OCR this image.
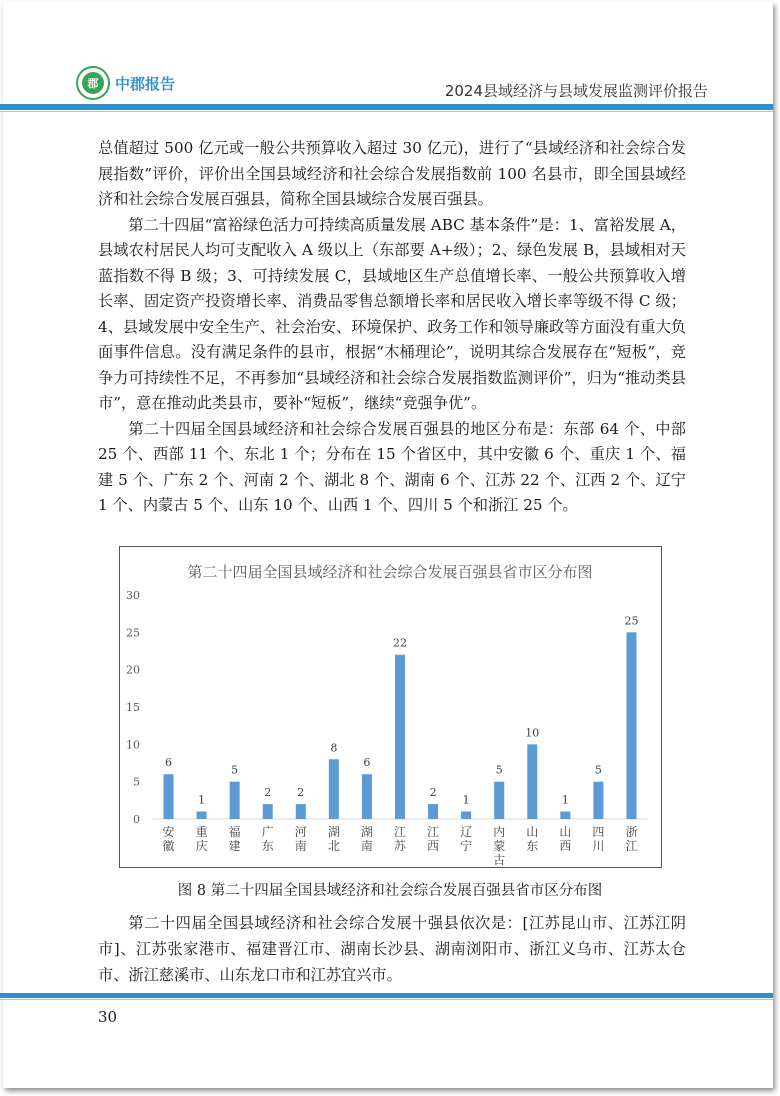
郡	中郡报告	2024县域经济与县域发展监测评价报告

总值超过 500 亿元或一般公共预算收入超过 30 亿元)，进行了“县域经济和社会综合发展指数”评价，评价出全国县域经济和社会综合发展指数前 100 名县市，即全国县域经济和社会综合发展百强县，简称全国县域综合发展百强县。

第二十四届“富裕绿色活力可持续高质量发展 ABC 基本条件”是：1、富裕发展 A，县域农村居民人均可支配收入 A 级以上（东部要 A+级）；2、绿色发展 B，县域相对天蓝指数不得 B 级；3、可持续发展 C，县域地区生产总值增长率、一般公共预算收入增长率、固定资产投资增长率、消费品零售总额增长率和居民收入增长率等级不得 C 级；4、县域发展中安全生产、社会治安、环境保护、政务工作和领导廉政等方面没有重大负面事件信息。没有满足条件的县市，根据“木桶理论”，说明其综合发展存在“短板”，竞争力可持续性不足，不再参加“县域经济和社会综合发展指数监测评价”，归为“推动类县市”，意在推动此类县市，要补“短板”，继续“竞强争优”。

第二十四届全国县域经济和社会综合发展百强县的地区分布是：东部 64 个、中部 25 个、西部 11 个、东北 1 个；分布在 15 个省区中，其中安徽 6 个、重庆 1 个、福建 5 个、广东 2 个、河南 2 个、湖北 8 个、湖南 6 个、江苏 22 个、江西 2 个、辽宁 1 个、内蒙古 5 个、山东 10 个、山西 1 个、四川 5 个和浙江 25 个。

第二十四届全国县域经济和社会综合发展百强县省市区分布图
0
5
10
15
20
25
30
6
安徽
1
重庆
5
福建
2
广东
2
河南
8
湖北
6
湖南
22
江苏
2
江西
1
辽宁
5
内蒙古
10
山东
1
山西
5
四川
25
浙江
图 8 第二十四届全国县域经济和社会综合发展百强县省市区分布图

第二十四届全国县域经济和社会综合发展十强县依次是：[江苏昆山市、江苏江阴市]、江苏张家港市、福建晋江市、湖南长沙县、湖南浏阳市、浙江义乌市、江苏太仓市、浙江慈溪市、山东龙口市和江苏宜兴市。

30
